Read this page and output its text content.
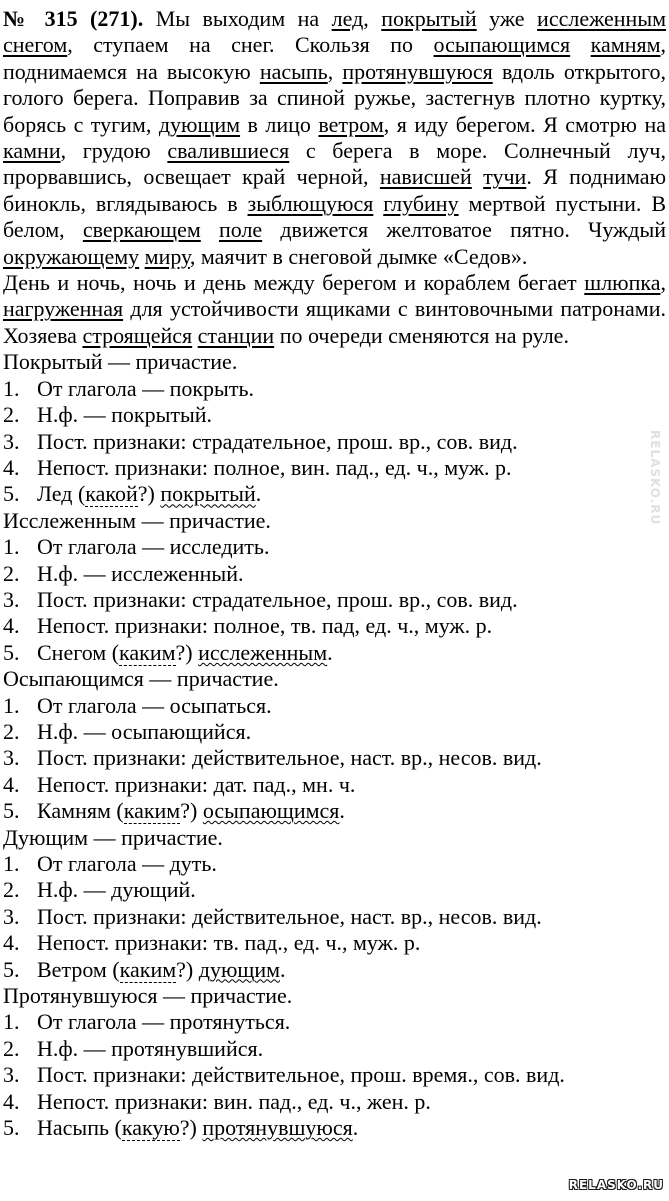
№ 315 (271). Мы выходим на лед, покрытый уже исслеженным снегом, ступаем на снег. Скользя по осыпающимся камням, поднимаемся на высокую насыпь, протянувшуюся вдоль открытого, голого берега. Поправив за спиной ружье, застегнув плотно куртку, борясь с тугим, дующим в лицо ветром, я иду берегом. Я смотрю на камни, грудою свалившиеся с берега в море. Солнечный луч, прорвавшись, освещает край черной, нависшей тучи. Я поднимаю бинокль, вглядываюсь в зыблющуюся глубину мертвой пустыни. В белом, сверкающем поле движется желтоватое пятно. Чуждый окружающему миру, маячит в снеговой дымке «Седов».

День и ночь, ночь и день между берегом и кораблем бегает шлюпка, нагруженная для устойчивости ящиками с винтовочными патронами. Хозяева строящейся станции по очереди сменяются на руле.

Покрытый — причастие.

1. От глагола — покрыть.
2. Н.ф. — покрытый.
3. Пост. признаки: страдательное, прош. вр., сов. вид.
4. Непост. признаки: полное, вин. пад., ед. ч., муж. р.
5. Лед (какой?) покрытый.

Исслеженным — причастие.

1. От глагола — исследить.
2. Н.ф. — исслеженный.
3. Пост. признаки: страдательное, прош. вр., сов. вид.
4. Непост. признаки: полное, тв. пад, ед. ч., муж. р.
5. Снегом (каким?) исслеженным.

Осыпающимся — причастие.

1. От глагола — осыпаться.
2. Н.ф. — осыпающийся.
3. Пост. признаки: действительное, наст. вр., несов. вид.
4. Непост. признаки: дат. пад., мн. ч.
5. Камням (каким?) осыпающимся.

Дующим — причастие.

1. От глагола — дуть.
2. Н.ф. — дующий.
3. Пост. признаки: действительное, наст. вр., несов. вид.
4. Непост. признаки: тв. пад., ед. ч., муж. р.
5. Ветром (каким?) дующим.

Протянувшуюся — причастие.

1. От глагола — протянуться.
2. Н.ф. — протянувшийся.
3. Пост. признаки: действительное, прош. время., сов. вид.
4. Непост. признаки: вин. пад., ед. ч., жен. р.
5. Насыпь (какую?) протянувшуюся.
RELASKO.RU
RELASKO.RU
